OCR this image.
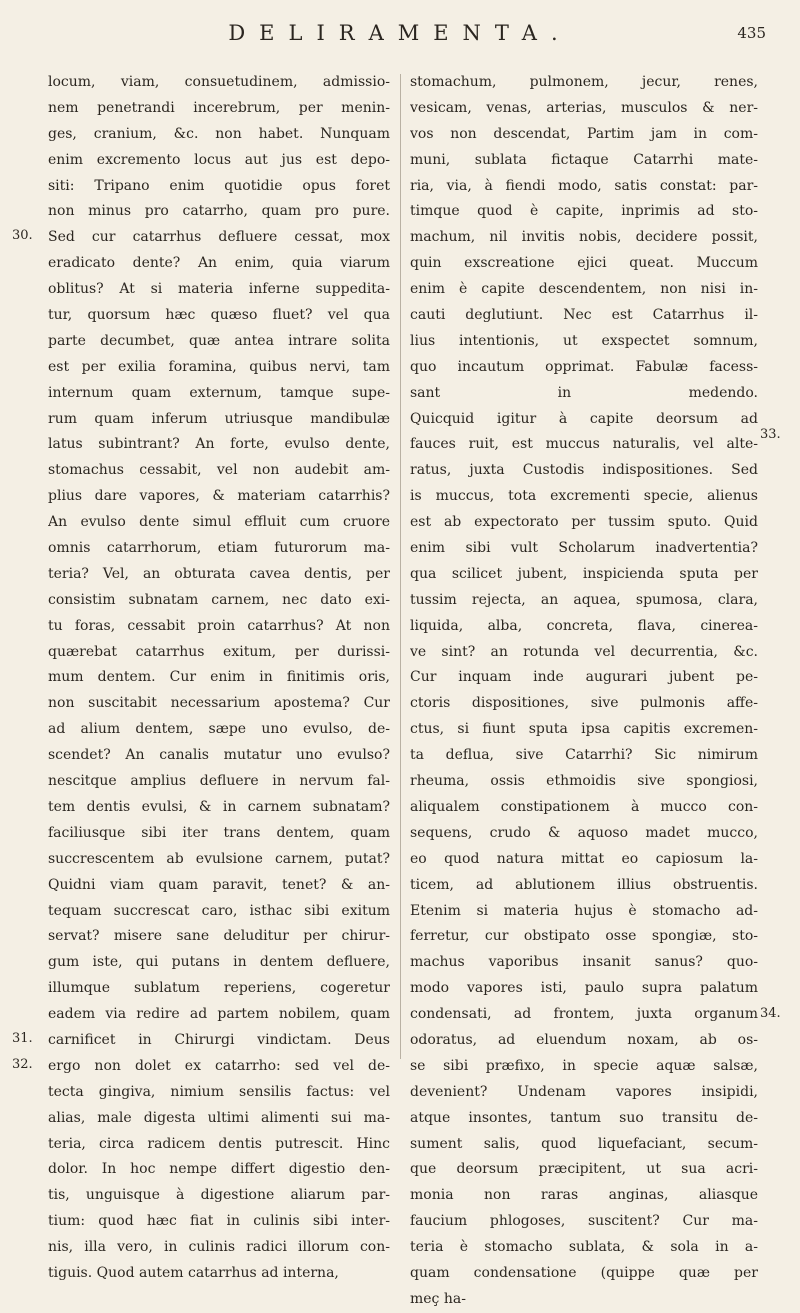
DELIRAMENTA.	435
locum, viam, consuetudinem, admissio-
nem penetrandi incerebrum, per menin-
ges, cranium, &c. non habet. Nunquam
enim excremento locus aut jus est depo-
siti: Tripano enim quotidie opus foret
non minus pro catarrho, quam pro pure.
Sed cur catarrhus defluere cessat, mox
eradicato dente? An enim, quia viarum
oblitus? At si materia inferne suppedita-
tur, quorsum hæc quæso fluet? vel qua
parte decumbet, quæ antea intrare solita
est per exilia foramina, quibus nervi, tam
internum quam externum, tamque supe-
rum quam inferum utriusque mandibulæ
latus subintrant? An forte, evulso dente,
stomachus cessabit, vel non audebit am-
plius dare vapores, & materiam catarrhis?
An evulso dente simul effluit cum cruore
omnis catarrhorum, etiam futurorum ma-
teria? Vel, an obturata cavea dentis, per
consistim subnatam carnem, nec dato exi-
tu foras, cessabit proin catarrhus? At non
quærebat catarrhus exitum, per durissi-
mum dentem. Cur enim in finitimis oris,
non suscitabit necessarium apostema? Cur
ad alium dentem, sæpe uno evulso, de-
scendet? An canalis mutatur uno evulso?
nescitque amplius defluere in nervum fal-
tem dentis evulsi, & in carnem subnatam?
faciliusque sibi iter trans dentem, quam
succrescentem ab evulsione carnem, putat?
Quidni viam quam paravit, tenet? & an-
tequam succrescat caro, isthac sibi exitum
servat? misere sane deluditur per chirur-
gum iste, qui putans in dentem defluere,
illumque sublatum reperiens, cogeretur
eadem via redire ad partem nobilem, quam
carnificet in Chirurgi vindictam. Deus
ergo non dolet ex catarrho: sed vel de-
tecta gingiva, nimium sensilis factus: vel
alias, male digesta ultimi alimenti sui ma-
teria, circa radicem dentis putrescit. Hinc
dolor. In hoc nempe differt digestio den-
tis, unguisque à digestione aliarum par-
tium: quod hæc fiat in culinis sibi inter-
nis, illa vero, in culinis radici illorum con-
tiguis. Quod autem catarrhus ad interna,
stomachum, pulmonem, jecur, renes,
vesicam, venas, arterias, musculos & ner-
vos non descendat, Partim jam in com-
muni, sublata fictaque Catarrhi mate-
ria, via, à fiendi modo, satis constat: par-
timque quod è capite, inprimis ad sto-
machum, nil invitis nobis, decidere possit,
quin exscreatione ejici queat. Muccum
enim è capite descendentem, non nisi in-
cauti deglutiunt. Nec est Catarrhus il-
lius intentionis, ut exspectet somnum,
quo incautum opprimat. Fabulæ facess-
sant in medendo.
Quicquid igitur à capite deorsum ad
fauces ruit, est muccus naturalis, vel alte-
ratus, juxta Custodis indispositiones. Sed
is muccus, tota excrementi specie, alienus
est ab expectorato per tussim sputo. Quid
enim sibi vult Scholarum inadvertentia?
qua scilicet jubent, inspicienda sputa per
tussim rejecta, an aquea, spumosa, clara,
liquida, alba, concreta, flava, cinerea-
ve sint? an rotunda vel decurrentia, &c.
Cur inquam inde augurari jubent pe-
ctoris dispositiones, sive pulmonis affe-
ctus, si fiunt sputa ipsa capitis excremen-
ta deflua, sive Catarrhi? Sic nimirum
rheuma, ossis ethmoidis sive spongiosi,
aliqualem constipationem à mucco con-
sequens, crudo & aquoso madet mucco,
eo quod natura mittat eo capiosum la-
ticem, ad ablutionem illius obstruentis.
Etenim si materia hujus è stomacho ad-
ferretur, cur obstipato osse spongiæ, sto-
machus vaporibus insanit sanus? quo-
modo vapores isti, paulo supra palatum
condensati, ad frontem, juxta organum
odoratus, ad eluendum noxam, ab os-
se sibi præfixo, in specie aquæ salsæ,
devenient? Undenam vapores insipidi,
atque insontes, tantum suo transitu de-
sument salis, quod liquefaciant, secum-
que deorsum præcipitent, ut sua acri-
monia non raras anginas, aliasque
faucium phlogoses, suscitent? Cur ma-
teria è stomacho sublata, & sola in a-
quam condensatione (quippe quæ per
meç ha-
30.
31.
32.
33.
34.
